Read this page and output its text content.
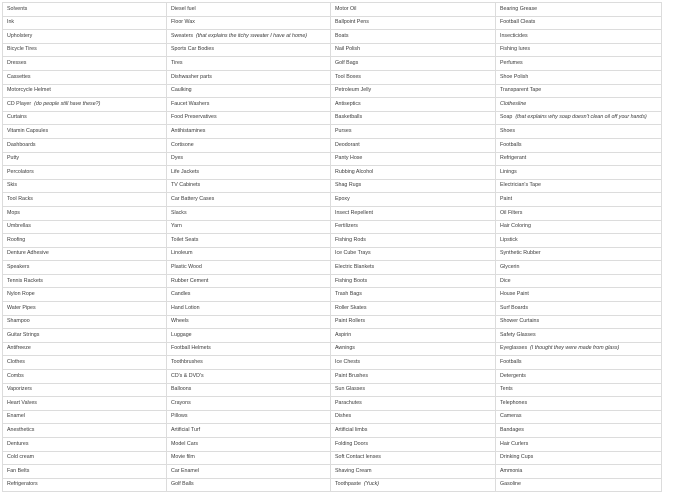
Solvents	Diesel fuel	Motor Oil	Bearing Grease
Ink	Floor Wax	Ballpoint Pens	Football Cleats
Upholstery	Sweaters (that explains the itchy sweater I have at home)	Boats	Insecticides
Bicycle Tires	Sports Car Bodies	Nail Polish	Fishing lures
Dresses	Tires	Golf Bags	Perfumes
Cassettes	Dishwasher parts	Tool Boxes	Shoe Polish
Motorcycle Helmet	Caulking	Petroleum Jelly	Transparent Tape
CD Player (do people still have these?)	Faucet Washers	Antiseptics	Clothesline
Curtains	Food Preservatives	Basketballs	Soap (that explains why soap doesn't clean oil off your hands)
Vitamin Capsules	Antihistamines	Purses	Shoes
Dashboards	Cortisone	Deodorant	Footballs
Putty	Dyes	Panty Hose	Refrigerant
Percolators	Life Jackets	Rubbing Alcohol	Linings
Skis	TV Cabinets	Shag Rugs	Electrician's Tape
Tool Racks	Car Battery Cases	Epoxy	Paint
Mops	Slacks	Insect Repellent	Oil Filters
Umbrellas	Yarn	Fertilizers	Hair Coloring
Roofing	Toilet Seats	Fishing Rods	Lipstick
Denture Adhesive	Linoleum	Ice Cube Trays	Synthetic Rubber
Speakers	Plastic Wood	Electric Blankets	Glycerin
Tennis Rackets	Rubber Cement	Fishing Boots	Dice
Nylon Rope	Candles	Trash Bags	House Paint
Water Pipes	Hand Lotion	Roller Skates	Surf Boards
Shampoo	Wheels	Paint Rollers	Shower Curtains
Guitar Strings	Luggage	Aspirin	Safety Glasses
Antifreeze	Football Helmets	Awnings	Eyeglasses (I thought they were made from glass)
Clothes	Toothbrushes	Ice Chests	Footballs
Combs	CD's & DVD's	Paint Brushes	Detergents
Vaporizers	Balloons	Sun Glasses	Tents
Heart Valves	Crayons	Parachutes	Telephones
Enamel	Pillows	Dishes	Cameras
Anesthetics	Artificial Turf	Artificial limbs	Bandages
Dentures	Model Cars	Folding Doors	Hair Curlers
Cold cream	Movie film	Soft Contact lenses	Drinking Cups
Fan Belts	Car Enamel	Shaving Cream	Ammonia
Refrigerators	Golf Balls	Toothpaste (Yuck)	Gasoline
